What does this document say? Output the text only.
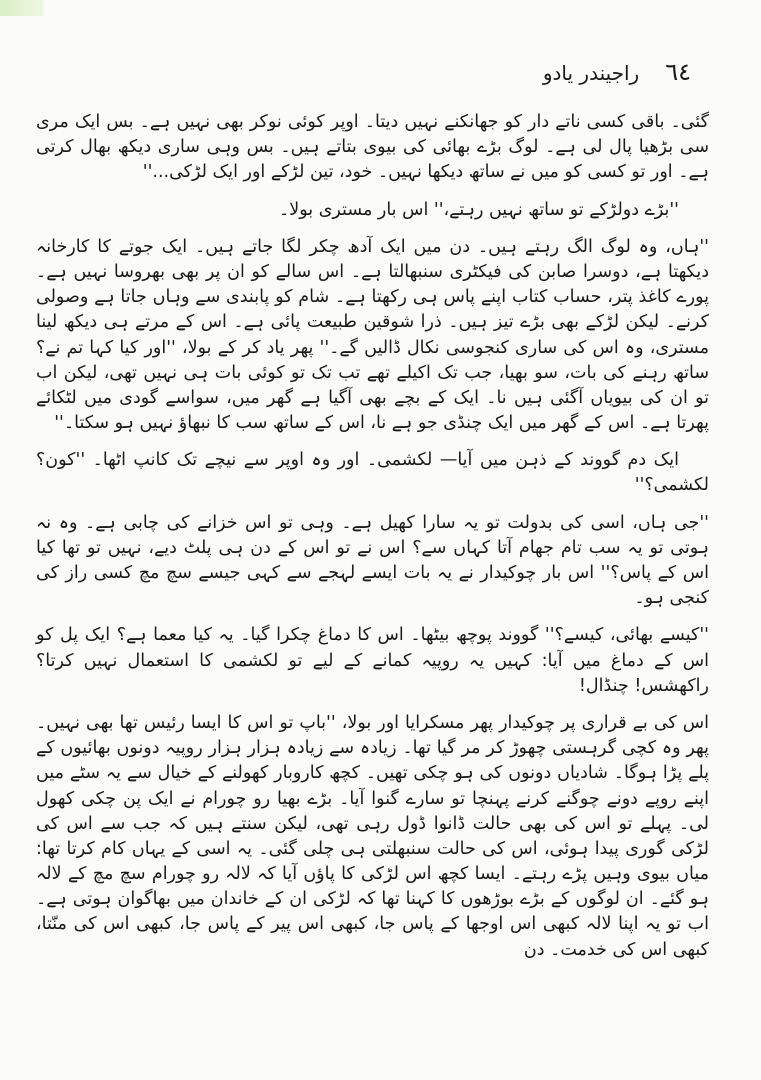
٦٤
راجیندر یادو

گئی۔ باقی کسی ناتے دار کو جھانکنے نہیں دیتا۔ اوپر کوئی نوکر بھی نہیں ہے۔ بس ایک مری سی بڑھیا پال لی ہے۔ لوگ بڑے بھائی کی بیوی بتاتے ہیں۔ بس وہی ساری دیکھ بھال کرتی ہے۔ اور تو کسی کو میں نے ساتھ دیکھا نہیں۔ خود، تین لڑکے اور ایک لڑکی...''

''بڑے دولڑکے تو ساتھ نہیں رہتے،'' اس بار مستری بولا۔

''ہاں، وہ لوگ الگ رہتے ہیں۔ دن میں ایک آدھ چکر لگا جاتے ہیں۔ ایک جوتے کا کارخانہ دیکھتا ہے، دوسرا صابن کی فیکٹری سنبھالتا ہے۔ اس سالے کو ان پر بھی بھروسا نہیں ہے۔ پورے کاغذ پتر، حساب کتاب اپنے پاس ہی رکھتا ہے۔ شام کو پابندی سے وہاں جاتا ہے وصولی کرنے۔ لیکن لڑکے بھی بڑے تیز ہیں۔ ذرا شوقین طبیعت پائی ہے۔ اس کے مرتے ہی دیکھ لینا مستری، وہ اس کی ساری کنجوسی نکال ڈالیں گے۔'' پھر یاد کر کے بولا، ''اور کیا کہا تم نے؟ ساتھ رہنے کی بات، سو بھیا، جب تک اکیلے تھے تب تک تو کوئی بات ہی نہیں تھی، لیکن اب تو ان کی بیویاں آگئی ہیں نا۔ ایک کے بچے بھی آگیا ہے گھر میں، سواسے گودی میں لٹکائے پھرتا ہے۔ اس کے گھر میں ایک چنڈی جو ہے نا، اس کے ساتھ سب کا نبھاؤ نہیں ہو سکتا۔''

ایک دم گووند کے ذہن میں آیا— لکشمی۔ اور وہ اوپر سے نیچے تک کانپ اٹھا۔ ''کون؟ لکشمی؟''

''جی ہاں، اسی کی بدولت تو یہ سارا کھیل ہے۔ وہی تو اس خزانے کی چابی ہے۔ وہ نہ ہوتی تو یہ سب تام جھام آتا کہاں سے؟ اس نے تو اس کے دن ہی پلٹ دیے، نہیں تو تھا کیا اس کے پاس؟'' اس بار چوکیدار نے یہ بات ایسے لہجے سے کہی جیسے سچ مچ کسی راز کی کنجی ہو۔

''کیسے بھائی، کیسے؟'' گووند پوچھ بیٹھا۔ اس کا دماغ چکرا گیا۔ یہ کیا معما ہے؟ ایک پل کو اس کے دماغ میں آیا: کہیں یہ روپیہ کمانے کے لیے تو لکشمی کا استعمال نہیں کرتا؟ راکھشس! چنڈال!

اس کی بے قراری پر چوکیدار پھر مسکرایا اور بولا، ''باپ تو اس کا ایسا رئیس تھا بھی نہیں۔ پھر وہ کچی گرہستی چھوڑ کر مر گیا تھا۔ زیادہ سے زیادہ ہزار ہزار روپیہ دونوں بھائیوں کے پلے پڑا ہوگا۔ شادیاں دونوں کی ہو چکی تھیں۔ کچھ کاروبار کھولنے کے خیال سے یہ سٹے میں اپنے روپے دونے چوگنے کرنے پہنچا تو سارے گنوا آیا۔ بڑے بھیا رو چورام نے ایک پن چکی کھول لی۔ پہلے تو اس کی بھی حالت ڈانوا ڈول رہی تھی، لیکن سنتے ہیں کہ جب سے اس کی لڑکی گوری پیدا ہوئی، اس کی حالت سنبھلتی ہی چلی گئی۔ یہ اسی کے یہاں کام کرتا تھا: میاں بیوی وہیں پڑے رہتے۔ ایسا کچھ اس لڑکی کا پاؤں آیا کہ لالہ رو چورام سچ مچ کے لالہ ہو گئے۔ ان لوگوں کے بڑے بوڑھوں کا کہنا تھا کہ لڑکی ان کے خاندان میں بھاگوان ہوتی ہے۔ اب تو یہ اپنا لالہ کبھی اس اوجھا کے پاس جا، کبھی اس پیر کے پاس جا، کبھی اس کی منّتا، کبھی اس کی خدمت۔ دن
